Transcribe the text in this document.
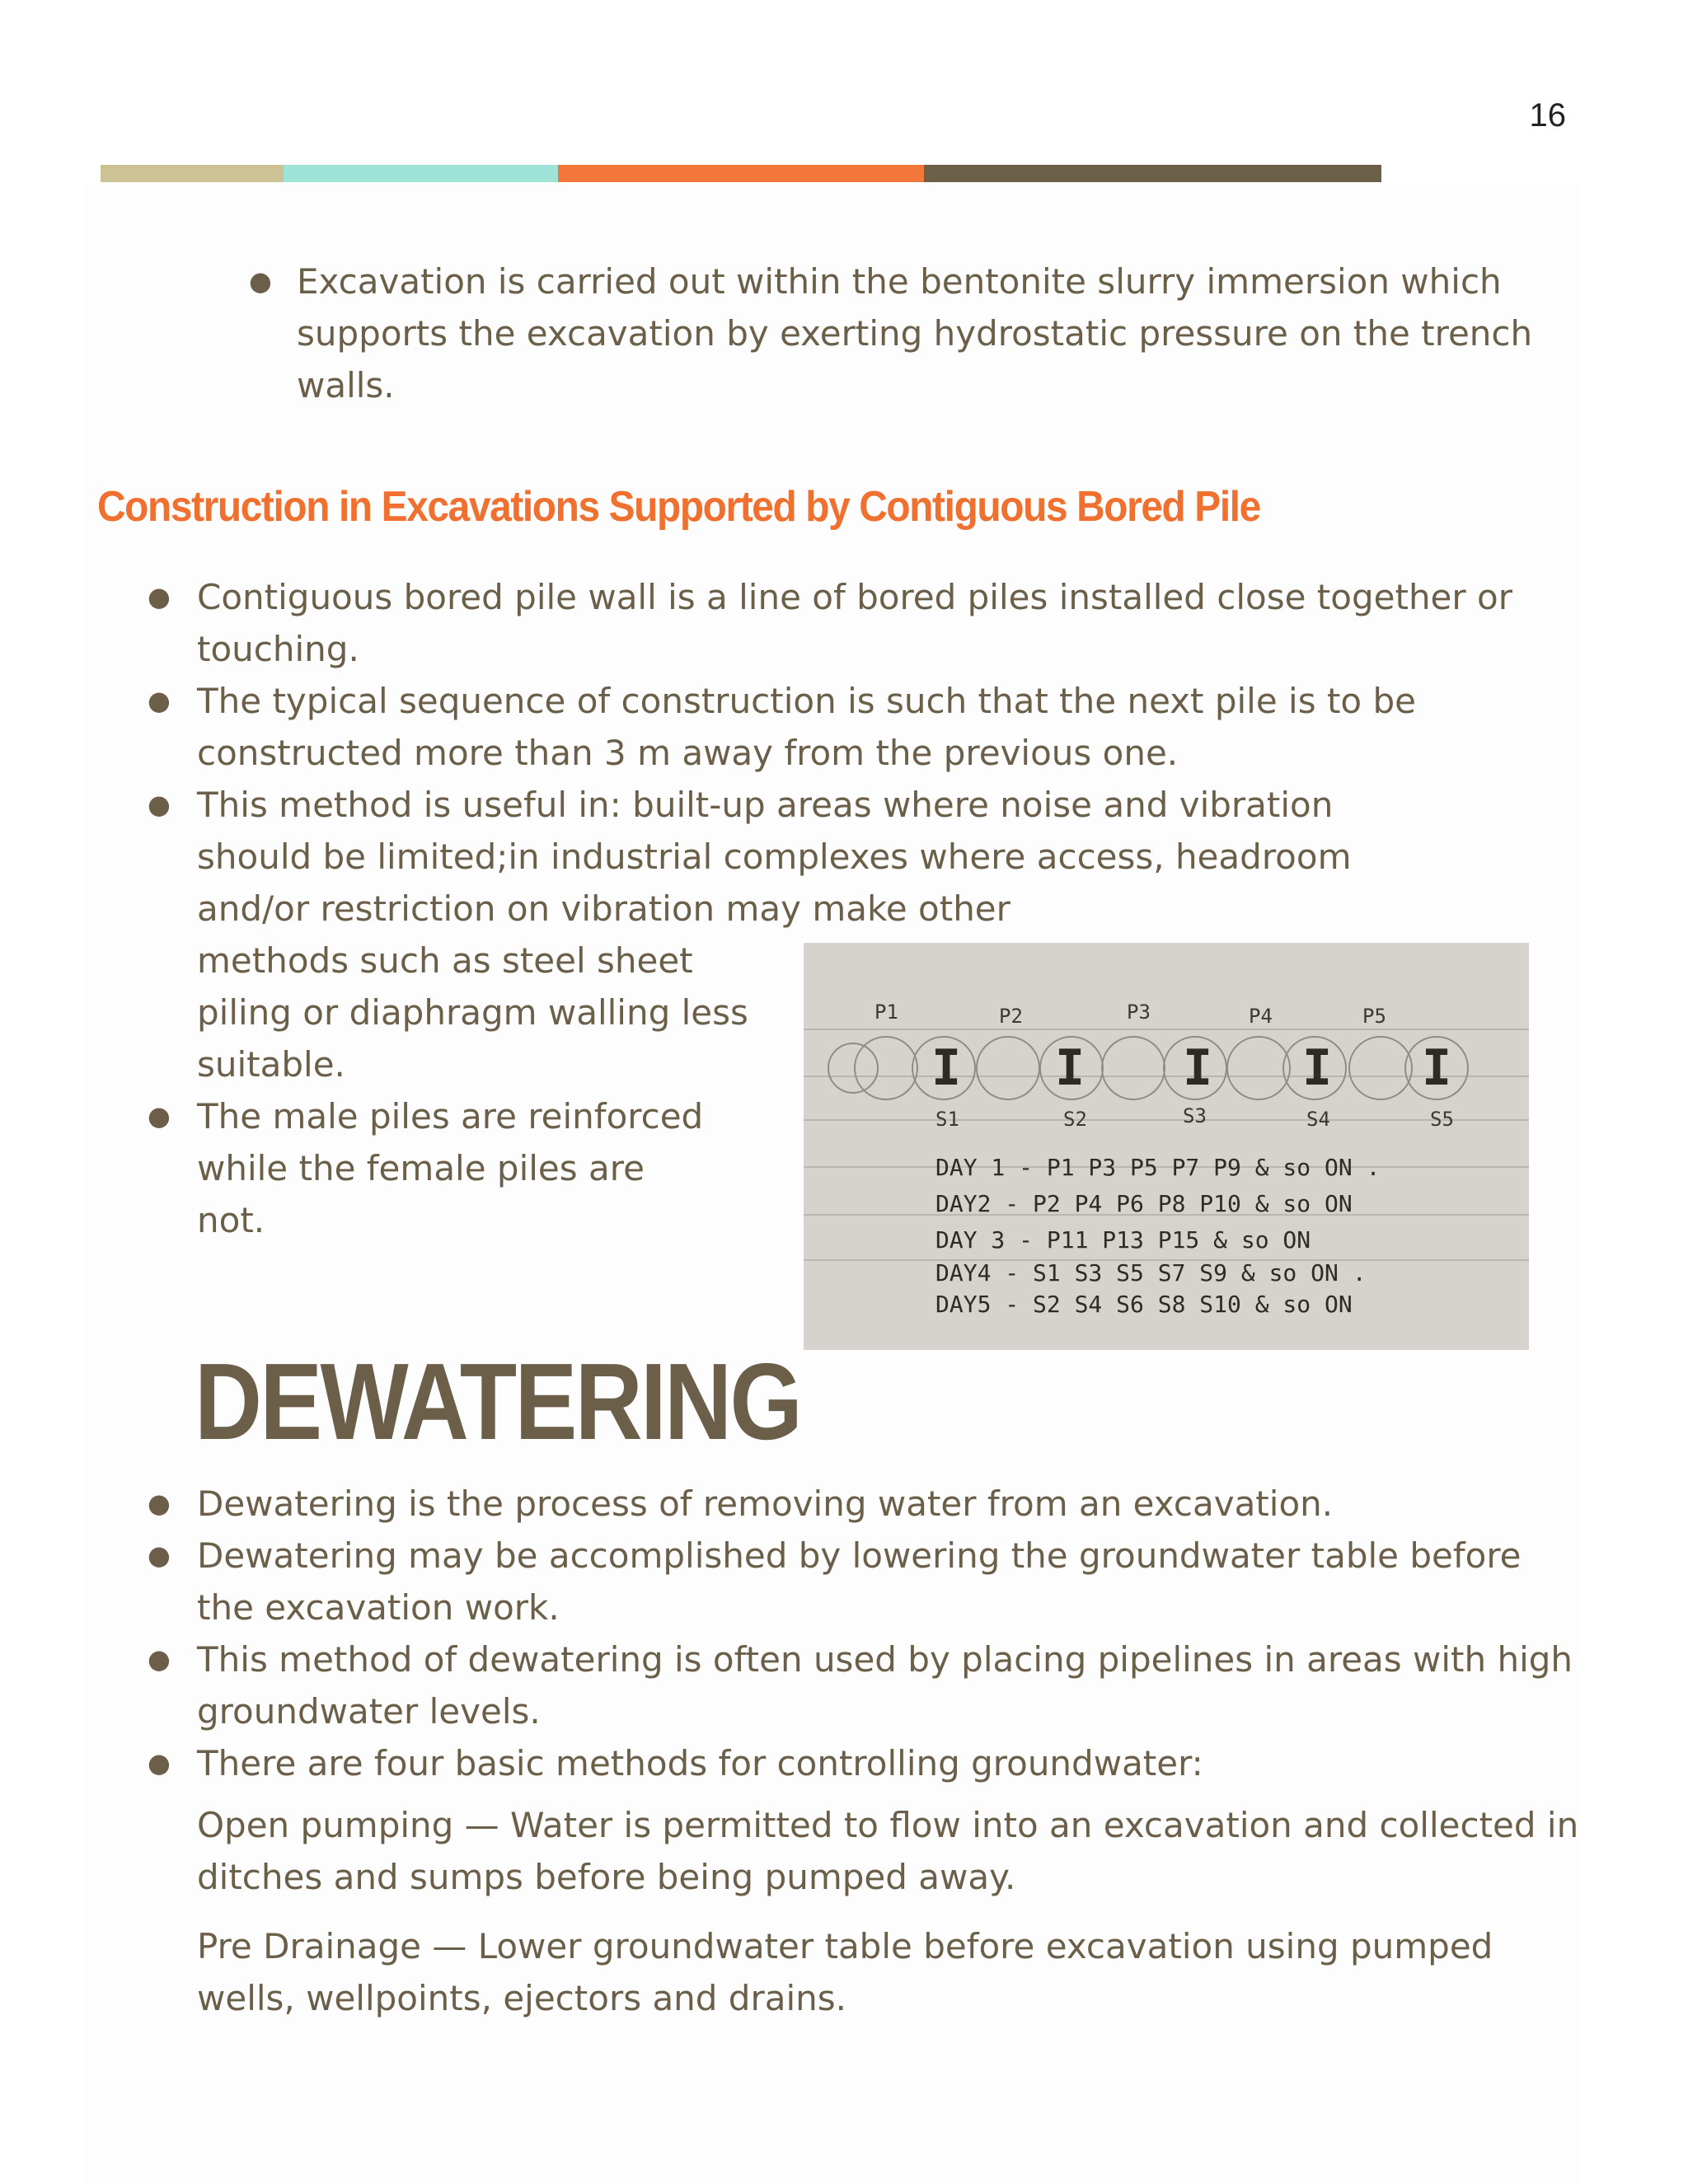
16
● Excavation is carried out within the bentonite slurry immersion which supports the excavation by exerting hydrostatic pressure on the trench walls.
Construction in Excavations Supported by Contiguous Bored Pile
● Contiguous bored pile wall is a line of bored piles installed close together or touching.
● The typical sequence of construction is such that the next pile is to be constructed more than 3 m away from the previous one.
● This method is useful in: built-up areas where noise and vibration should be limited;in industrial complexes where access, headroom and/or restriction on vibration may make other
methods such as steel sheet piling or diaphragm walling less suitable.
● The male piles are reinforced while the female piles are not.
P1	P2	P3	P4	P5
I I I I I
S1	S2	S3	S4	S5
DAY 1 - P1 P3 P5 P7 P9 & so ON .
DAY2 - P2 P4 P6 P8 P10 & so ON
DAY 3 - P11 P13 P15 & so ON
DAY4 - S1 S3 S5 S7 S9 & so ON .
DAY5 - S2 S4 S6 S8 S10 & so ON
DEWATERING
● Dewatering is the process of removing water from an excavation.
● Dewatering may be accomplished by lowering the groundwater table before the excavation work.
● This method of dewatering is often used by placing pipelines in areas with high groundwater levels.
● There are four basic methods for controlling groundwater:

Open pumping — Water is permitted to flow into an excavation and collected in ditches and sumps before being pumped away.

Pre Drainage — Lower groundwater table before excavation using pumped wells, wellpoints, ejectors and drains.
